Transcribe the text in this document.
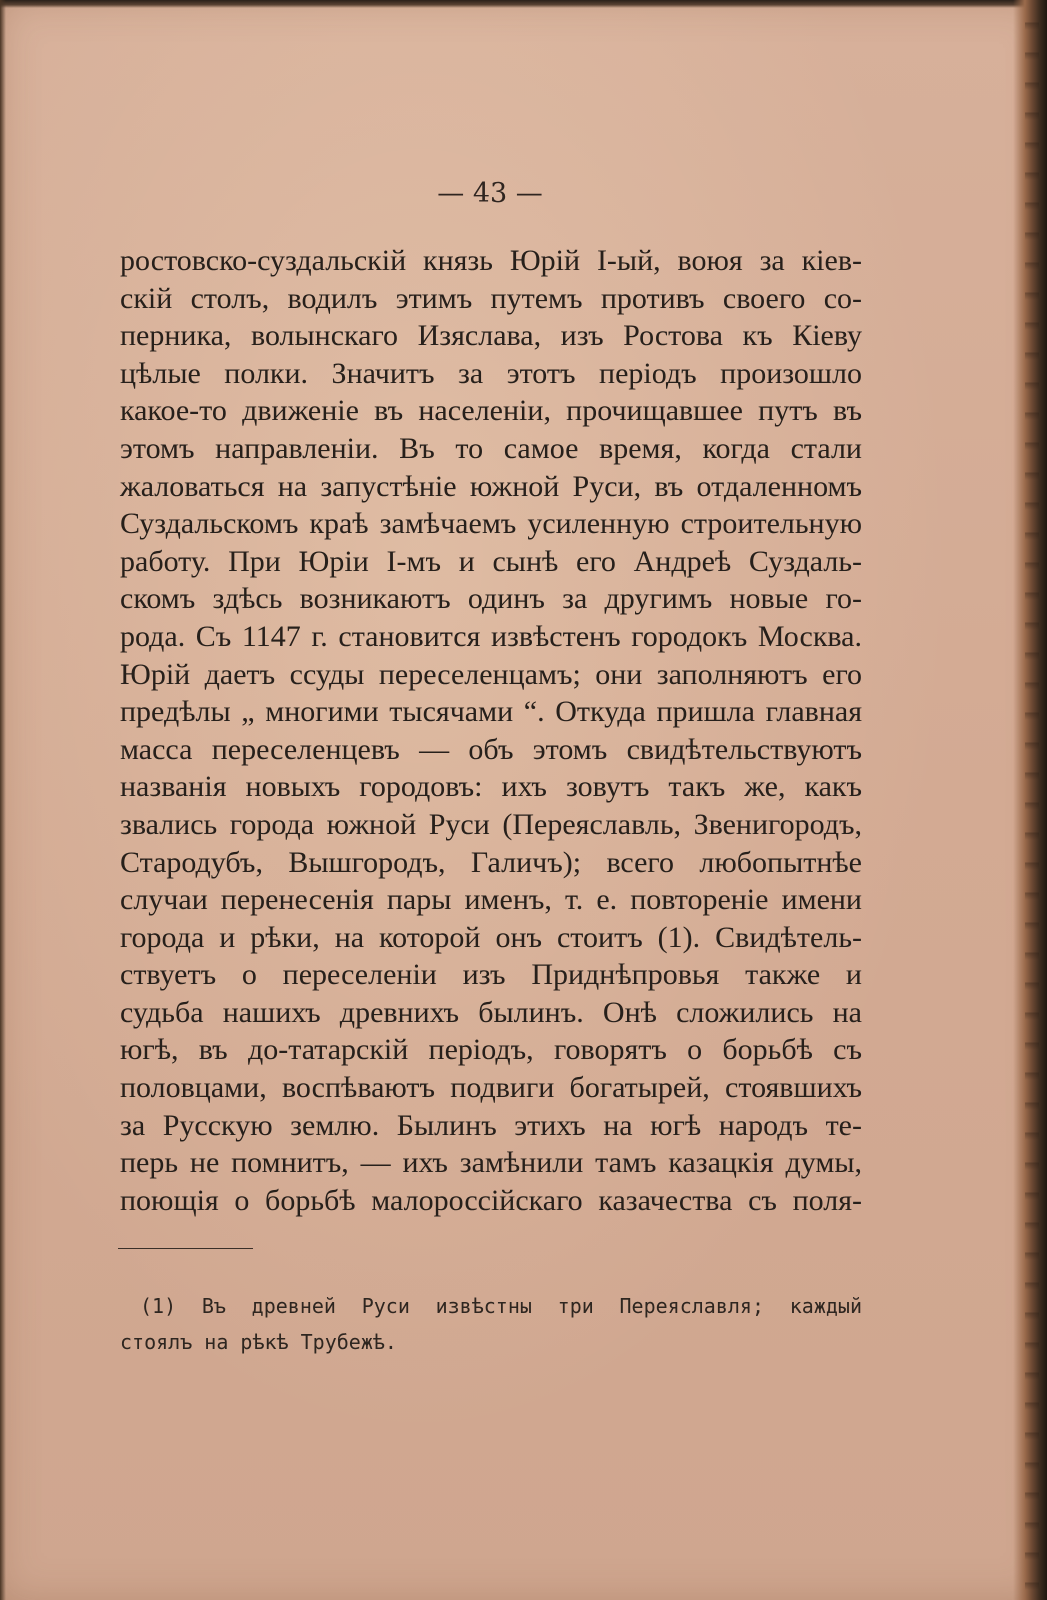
— 43 —
ростовско-суздальскій князь Юрій І-ый, воюя за кіев-
скій столъ, водилъ этимъ путемъ противъ своего со-
перника, волынскаго Изяслава, изъ Ростова къ Кіеву
цѣлые полки. Значитъ за этотъ періодъ произошло
какое-то движеніе въ населеніи, прочищавшее путъ въ
этомъ направленіи. Въ то самое время, когда стали
жаловаться на запустѣніе южной Руси, въ отдаленномъ
Суздальскомъ краѣ замѣчаемъ усиленную строительную
работу. При Юріи І-мъ и сынѣ его Андреѣ Суздаль-
скомъ здѣсь возникаютъ одинъ за другимъ новые го-
рода. Съ 1147 г. становится извѣстенъ городокъ Москва.
Юрій даетъ ссуды переселенцамъ; они заполняютъ его
предѣлы „ многими тысячами “. Откуда пришла главная
масса переселенцевъ — объ этомъ свидѣтельствуютъ
названія новыхъ городовъ: ихъ зовутъ такъ же, какъ
звались города южной Руси (Переяславль, Звенигородъ,
Стародубъ, Вышгородъ, Галичъ); всего любопытнѣе
случаи перенесенія пары именъ, т. е. повтореніе имени
города и рѣки, на которой онъ стоитъ (1). Свидѣтель-
ствуетъ о переселеніи изъ Приднѣпровья также и
судьба нашихъ древнихъ былинъ. Онѣ сложились на
югѣ, въ до-татарскій періодъ, говорятъ о борьбѣ съ
половцами, воспѣваютъ подвиги богатырей, стоявшихъ
за Русскую землю. Былинъ этихъ на югѣ народъ те-
перь не помнитъ, — ихъ замѣнили тамъ казацкія думы,
поющія о борьбѣ малороссійскаго казачества съ поля-
(1) Въ древней Руси извѣстны три Переяславля; каждый
стоялъ на рѣкѣ Трубежѣ.
